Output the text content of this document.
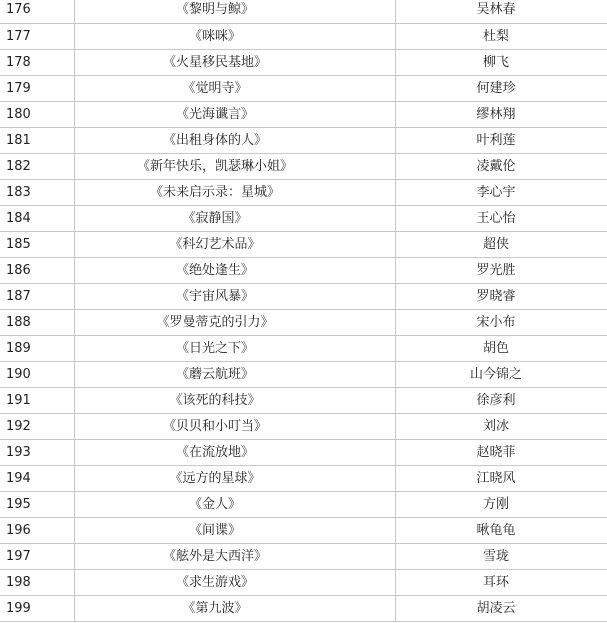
176	《黎明与鲸》	吴林春
177	《咪咪》	杜梨
178	《火星移民基地》	柳飞
179	《觉明寺》	何建珍
180	《光海谶言》	缪林翔
181	《出租身体的人》	叶利莲
182	《新年快乐，凯瑟琳小姐》	凌戴伦
183	《未来启示录：星城》	李心宇
184	《寂静国》	王心怡
185	《科幻艺术品》	超侠
186	《绝处逢生》	罗光胜
187	《宇宙风暴》	罗晓睿
188	《罗曼蒂克的引力》	宋小布
189	《日光之下》	胡色
190	《蘑云航班》	山今锦之
191	《该死的科技》	徐彦利
192	《贝贝和小叮当》	刘冰
193	《在流放地》	赵晓菲
194	《远方的星球》	江晓风
195	《金人》	方刚
196	《间谍》	啾龟龟
197	《舷外是大西洋》	雪珑
198	《求生游戏》	耳环
199	《第九波》	胡凌云
